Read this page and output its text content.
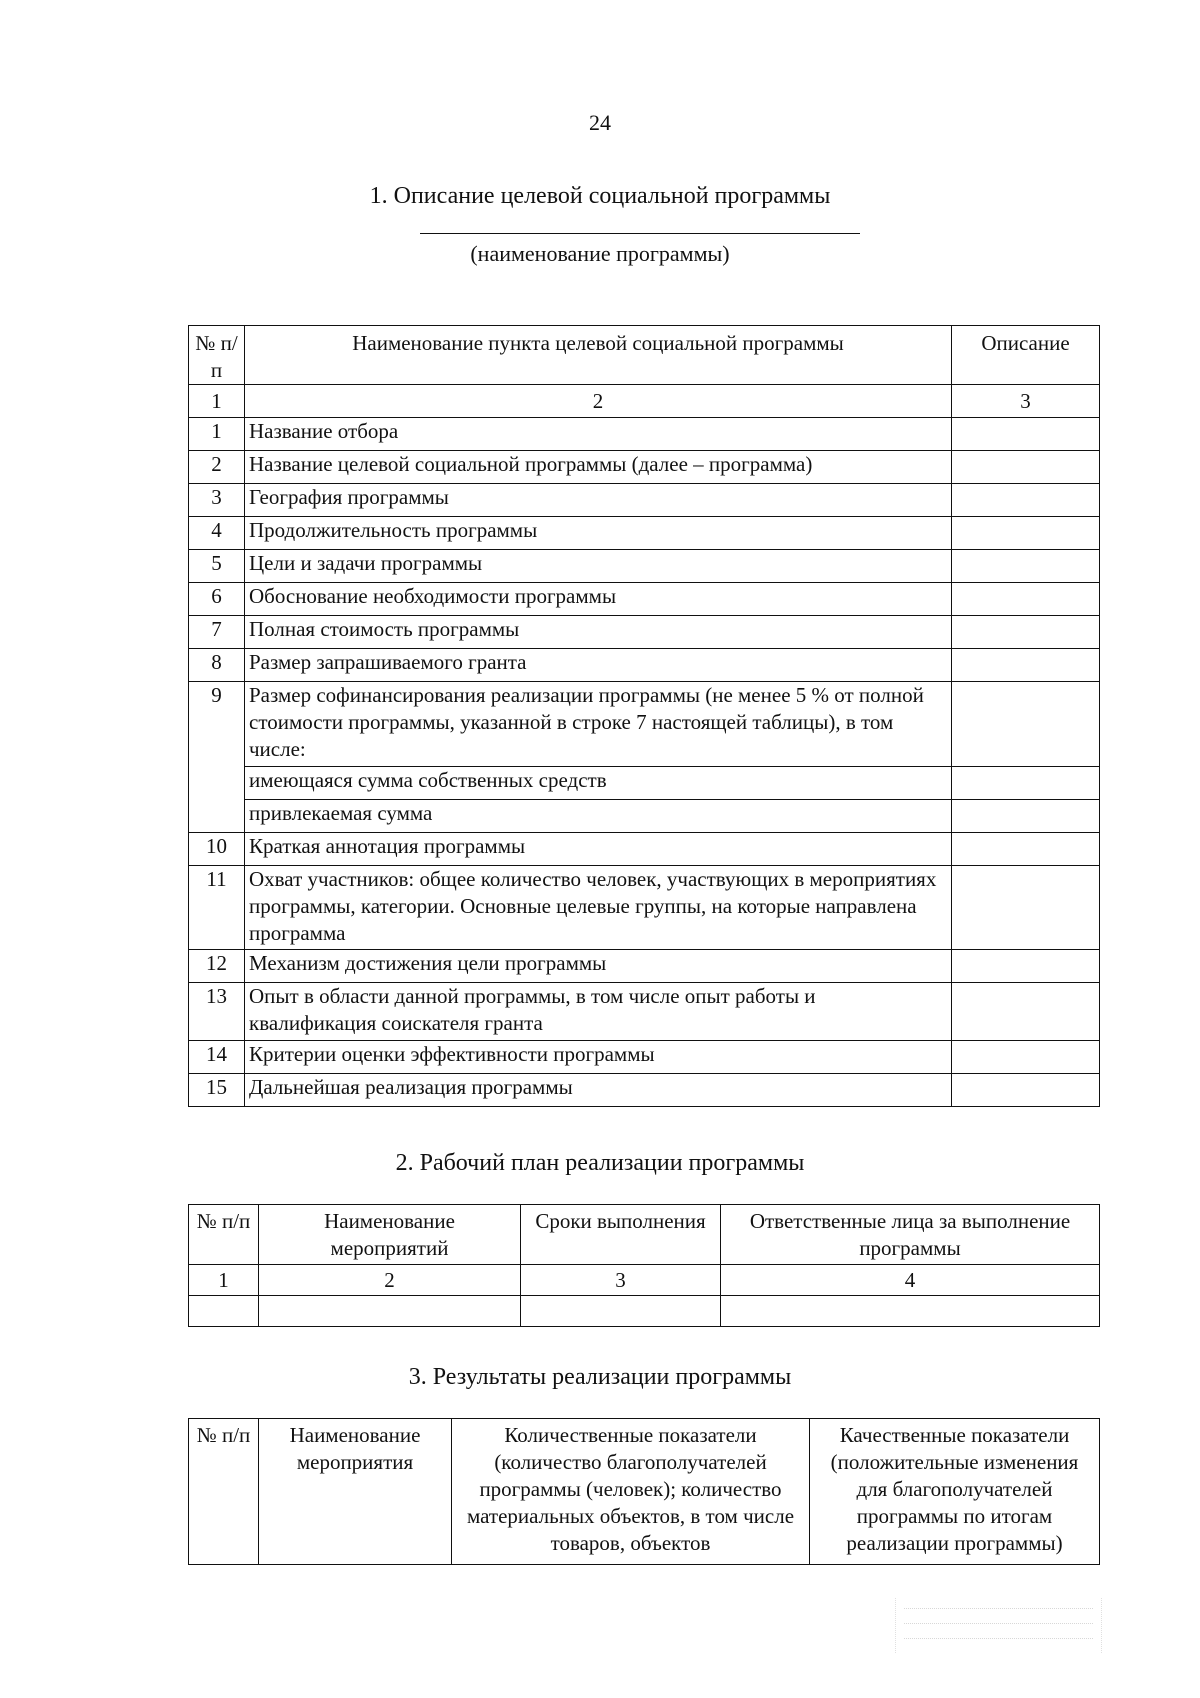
24
1. Описание целевой социальной программы
(наименование программы)
№ п/п	Наименование пункта целевой социальной программы	Описание
1	2	3
1	Название отбора	
2	Название целевой социальной программы (далее – программа)	
3	География программы	
4	Продолжительность программы	
5	Цели и задачи программы	
6	Обоснование необходимости программы	
7	Полная стоимость программы	
8	Размер запрашиваемого гранта	
9	Размер софинансирования реализации программы (не менее 5 % от полной стоимости программы, указанной в строке 7 настоящей таблицы), в том числе:	
	имеющаяся сумма собственных средств	
	привлекаемая сумма	
10	Краткая аннотация программы	
11	Охват участников: общее количество человек, участвующих в мероприятиях программы, категории. Основные целевые группы, на которые направлена программа	
12	Механизм достижения цели программы	
13	Опыт в области данной программы, в том числе опыт работы и квалификация соискателя гранта	
14	Критерии оценки эффективности программы	
15	Дальнейшая реализация программы	
2. Рабочий план реализации программы
№ п/п	Наименование мероприятий	Сроки выполнения	Ответственные лица за выполнение программы
1	2	3	4

3. Результаты реализации программы
№ п/п	Наименование мероприятия	Количественные показатели (количество благополучателей программы (человек); количество материальных объектов, в том числе товаров, объектов	Качественные показатели (положительные изменения для благополучателей программы по итогам реализации программы)
